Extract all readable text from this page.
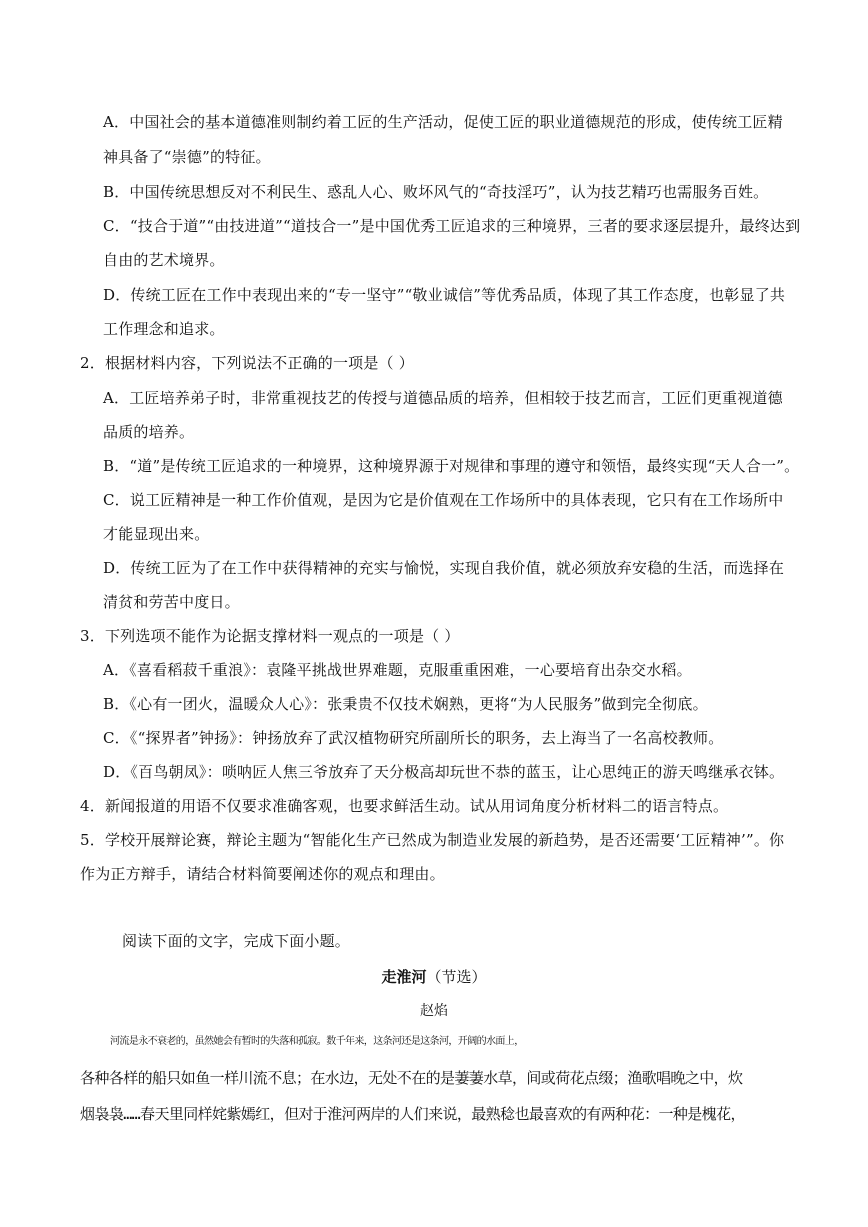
A．中国社会的基本道德准则制约着工匠的生产活动，促使工匠的职业道德规范的形成，使传统工匠精
神具备了“崇德”的特征。
B．中国传统思想反对不利民生、惑乱人心、败坏风气的“奇技淫巧”，认为技艺精巧也需服务百姓。
C．“技合于道”“由技进道”“道技合一”是中国优秀工匠追求的三种境界，三者的要求逐层提升，最终达到
自由的艺术境界。
D．传统工匠在工作中表现出来的“专一坚守”“敬业诚信”等优秀品质，体现了其工作态度，也彰显了共
工作理念和追求。
2．根据材料内容，下列说法不正确的一项是（ ）
A．工匠培养弟子时，非常重视技艺的传授与道德品质的培养，但相较于技艺而言，工匠们更重视道德
品质的培养。
B．“道”是传统工匠追求的一种境界，这种境界源于对规律和事理的遵守和领悟，最终实现“天人合一”。
C．说工匠精神是一种工作价值观，是因为它是价值观在工作场所中的具体表现，它只有在工作场所中
才能显现出来。
D．传统工匠为了在工作中获得精神的充实与愉悦，实现自我价值，就必须放弃安稳的生活，而选择在
清贫和劳苦中度日。
3．下列选项不能作为论据支撑材料一观点的一项是（ ）
A．《喜看稻菽千重浪》：袁隆平挑战世界难题，克服重重困难，一心要培育出杂交水稻。
B．《心有一团火，温暖众人心》：张秉贵不仅技术娴熟，更将“为人民服务”做到完全彻底。
C．《“探界者”钟扬》：钟扬放弃了武汉植物研究所副所长的职务，去上海当了一名高校教师。
D．《百鸟朝凤》：唢呐匠人焦三爷放弃了天分极高却玩世不恭的蓝玉，让心思纯正的游天鸣继承衣钵。
4．新闻报道的用语不仅要求准确客观，也要求鲜活生动。试从用词角度分析材料二的语言特点。
5．学校开展辩论赛，辩论主题为“智能化生产已然成为制造业发展的新趋势，是否还需要‘工匠精神’”。你
作为正方辩手，请结合材料简要阐述你的观点和理由。
阅读下面的文字，完成下面小题。
走淮河（节选）
赵焰
河流是永不衰老的，虽然她会有暂时的失落和孤寂。数千年来，这条河还是这条河，开阔的水面上，
各种各样的船只如鱼一样川流不息；在水边，无处不在的是萋萋水草，间或荷花点缀；渔歌唱晚之中，炊
烟袅袅……春天里同样姹紫嫣红，但对于淮河两岸的人们来说，最熟稔也最喜欢的有两种花：一种是槐花，
